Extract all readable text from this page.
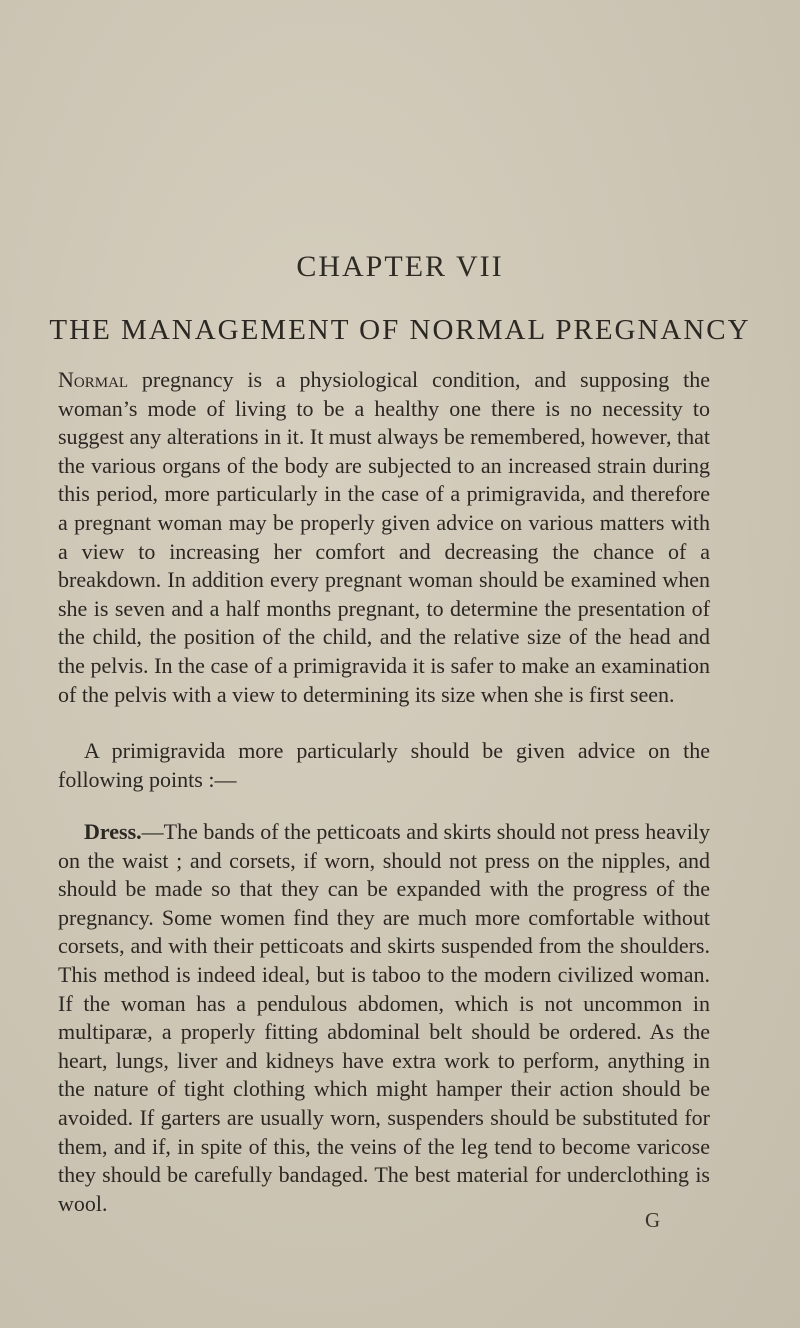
CHAPTER VII
THE MANAGEMENT OF NORMAL PREGNANCY

Normal pregnancy is a physiological condition, and supposing the woman’s mode of living to be a healthy one there is no necessity to suggest any alterations in it. It must always be remembered, however, that the various organs of the body are subjected to an increased strain during this period, more particularly in the case of a primigravida, and therefore a pregnant woman may be properly given advice on various matters with a view to increasing her comfort and decreasing the chance of a breakdown. In addition every pregnant woman should be examined when she is seven and a half months pregnant, to determine the presentation of the child, the position of the child, and the relative size of the head and the pelvis. In the case of a primigravida it is safer to make an examination of the pelvis with a view to determining its size when she is first seen.

A primigravida more particularly should be given advice on the following points :—

Dress.—The bands of the petticoats and skirts should not press heavily on the waist ; and corsets, if worn, should not press on the nipples, and should be made so that they can be expanded with the progress of the pregnancy. Some women find they are much more comfortable without corsets, and with their petticoats and skirts suspended from the shoulders. This method is indeed ideal, but is taboo to the modern civilized woman. If the woman has a pendulous abdomen, which is not uncommon in multiparæ, a properly fitting abdominal belt should be ordered. As the heart, lungs, liver and kidneys have extra work to perform, anything in the nature of tight clothing which might hamper their action should be avoided. If garters are usually worn, suspenders should be substituted for them, and if, in spite of this, the veins of the leg tend to become varicose they should be carefully bandaged. The best material for underclothing is wool.

G
